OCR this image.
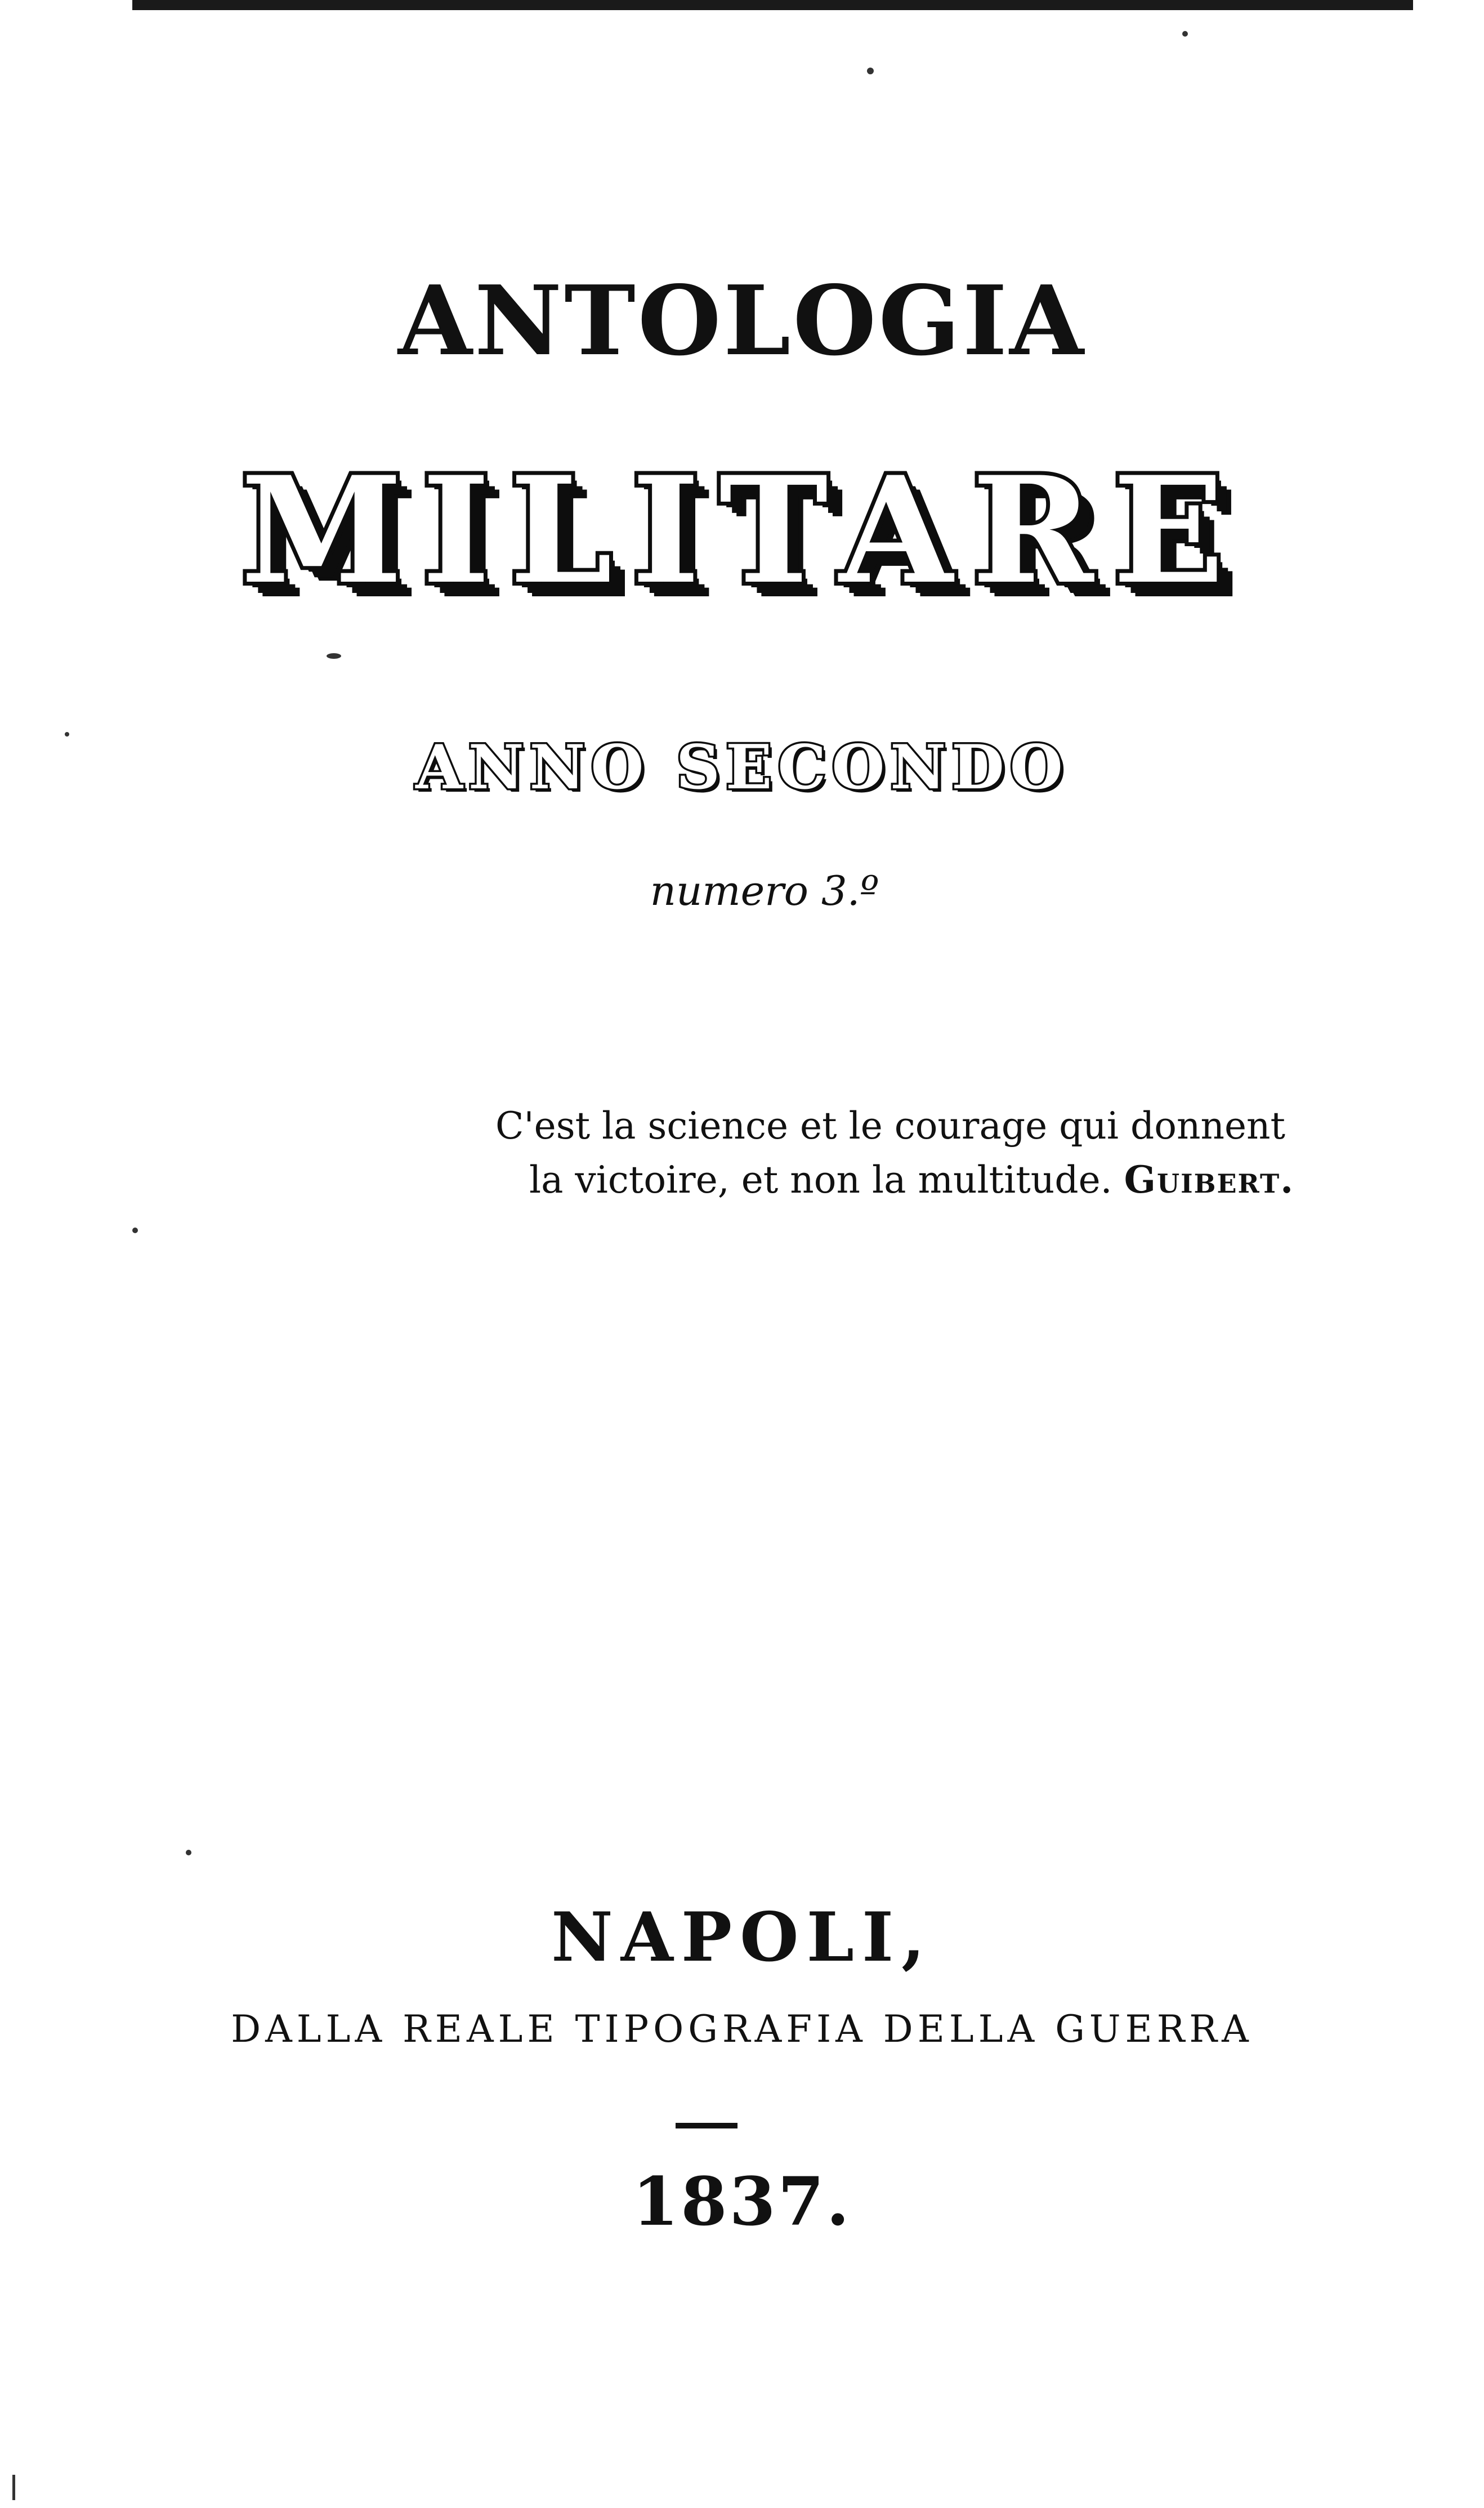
ANTOLOGIA
MILITARE
ANNO SECONDO
numero 3.º
C'est la science et le courage qui donnent
la victoire, et non la multitude. Guibert.
NAPOLI,
DALLA REALE TIPOGRAFIA DELLA GUERRA
1837.
